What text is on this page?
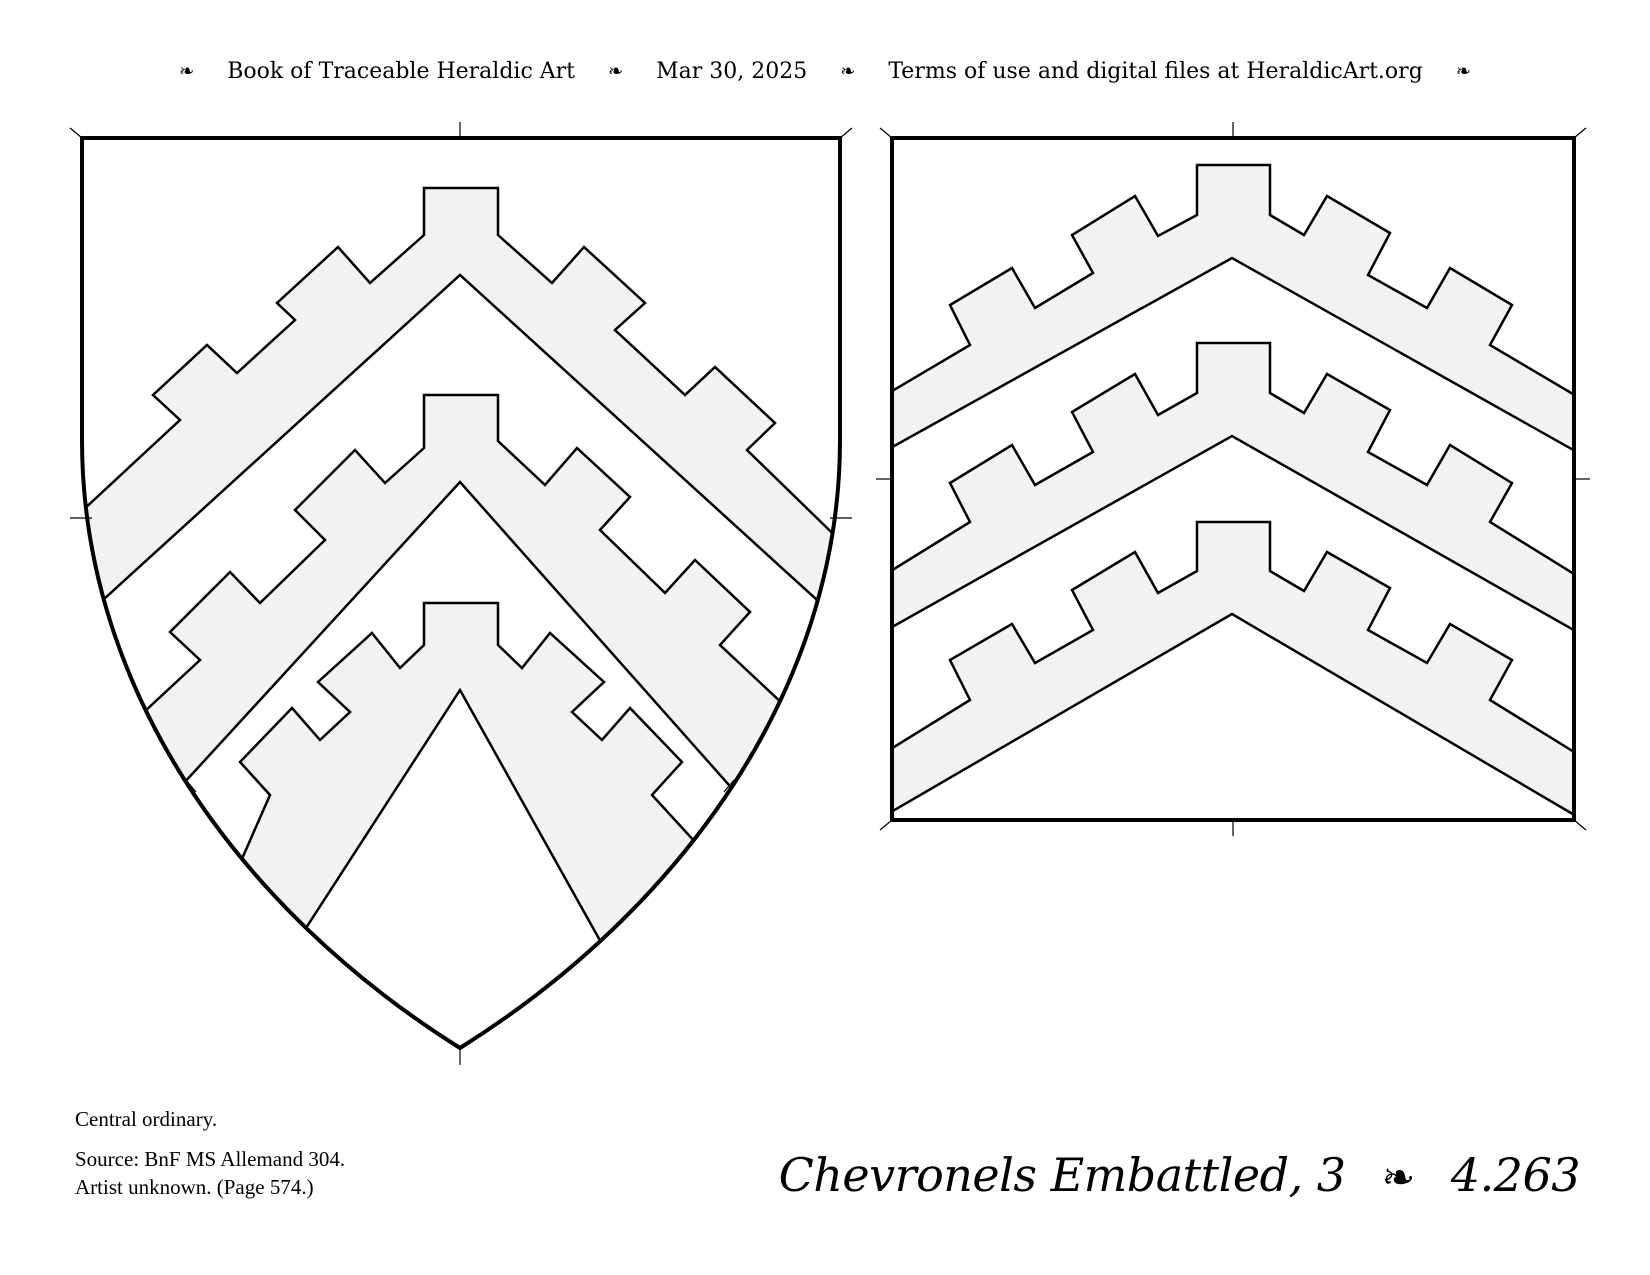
❧ Book of Traceable Heraldic Art ❧ Mar 30, 2025 ❧ Terms of use and digital files at HeraldicArt.org ❧
Central ordinary.
Source: BnF MS Allemand 304.
Artist unknown. (Page 574.)	Chevronels Embattled, 3 ❧ 4.263
